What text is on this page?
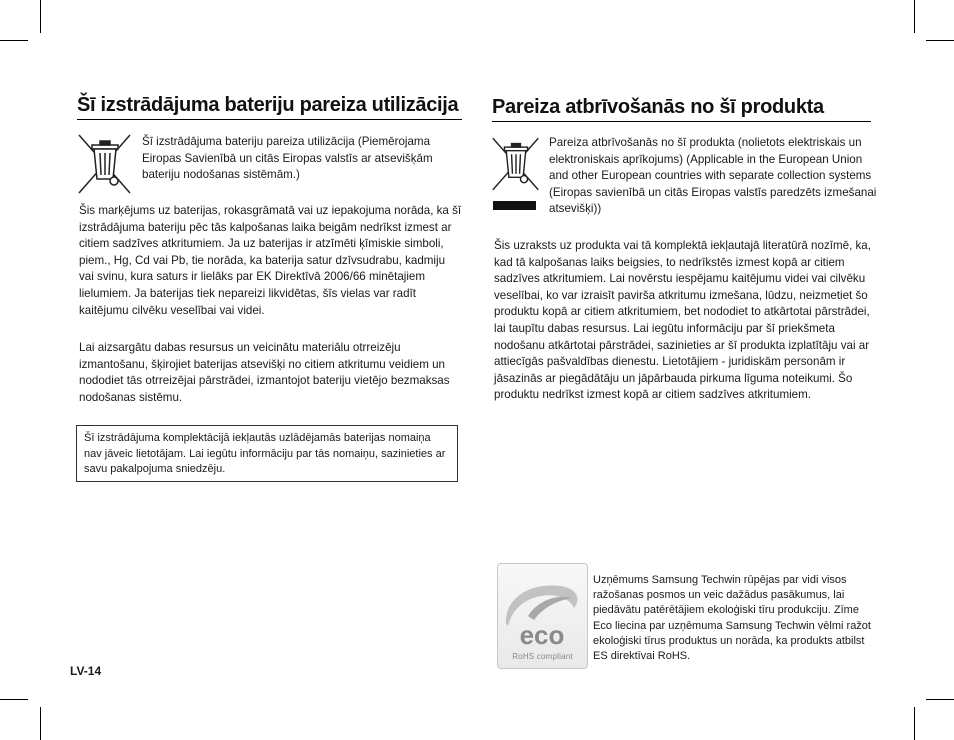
Šī izstrādājuma bateriju pareiza utilizācija

Šī izstrādājuma bateriju pareiza utilizācija (Piemērojama Eiropas Savienībā un citās Eiropas valstīs ar atsevišķām bateriju nodošanas sistēmām.)

Šis marķējums uz baterijas, rokasgrāmatā vai uz iepakojuma norāda, ka šī izstrādājuma bateriju pēc tās kalpošanas laika beigām nedrīkst izmest ar citiem sadzīves atkritumiem. Ja uz baterijas ir atzīmēti ķīmiskie simboli, piem., Hg, Cd vai Pb, tie norāda, ka baterija satur dzīvsudrabu, kadmiju vai svinu, kura saturs ir lielāks par EK Direktīvā 2006/66 minētajiem lielumiem. Ja baterijas tiek nepareizi likvidētas, šīs vielas var radīt kaitējumu cilvēku veselībai vai videi.

Lai aizsargātu dabas resursus un veicinātu materiālu otrreizēju izmantošanu, šķirojiet baterijas atsevišķi no citiem atkritumu veidiem un nododiet tās otrreizējai pārstrādei, izmantojot bateriju vietējo bezmaksas nodošanas sistēmu.

Šī izstrādājuma komplektācijā iekļautās uzlādējamās baterijas nomaiņa nav jāveic lietotājam. Lai iegūtu informāciju par tās nomaiņu, sazinieties ar savu pakalpojuma sniedzēju.
LV-14
Pareiza atbrīvošanās no šī produkta

Pareiza atbrīvošanās no šī produkta (nolietots elektriskais un elektroniskais aprīkojums) (Applicable in the European Union and other European countries with separate collection systems (Eiropas savienībā un citās Eiropas valstīs paredzēts izmešanai atsevišķi))

Šis uzraksts uz produkta vai tā komplektā iekļautajā literatūrā nozīmē, ka, kad tā kalpošanas laiks beigsies, to nedrīkstēs izmest kopā ar citiem sadzīves atkritumiem. Lai novērstu iespējamu kaitējumu videi vai cilvēku veselībai, ko var izraisīt pavirša atkritumu izmešana, lūdzu, neizmetiet šo produktu kopā ar citiem atkritumiem, bet nododiet to atkārtotai pārstrādei, lai taupītu dabas resursus. Lai iegūtu informāciju par šī priekšmeta nodošanu atkārtotai pārstrādei, sazinieties ar šī produkta izplatītāju vai ar attiecīgās pašvaldības dienestu. Lietotājiem - juridiskām personām ir jāsazinās ar piegādātāju un jāpārbauda pirkuma līguma noteikumi. Šo produktu nedrīkst izmest kopā ar citiem sadzīves atkritumiem.

eco
RoHS compliant

Uzņēmums Samsung Techwin rūpējas par vidi visos ražošanas posmos un veic dažādus pasākumus, lai piedāvātu patērētājiem ekoloģiski tīru produkciju. Zīme Eco liecina par uzņēmuma Samsung Techwin vēlmi ražot ekoloģiski tīrus produktus un norāda, ka produkts atbilst ES direktīvai RoHS.
